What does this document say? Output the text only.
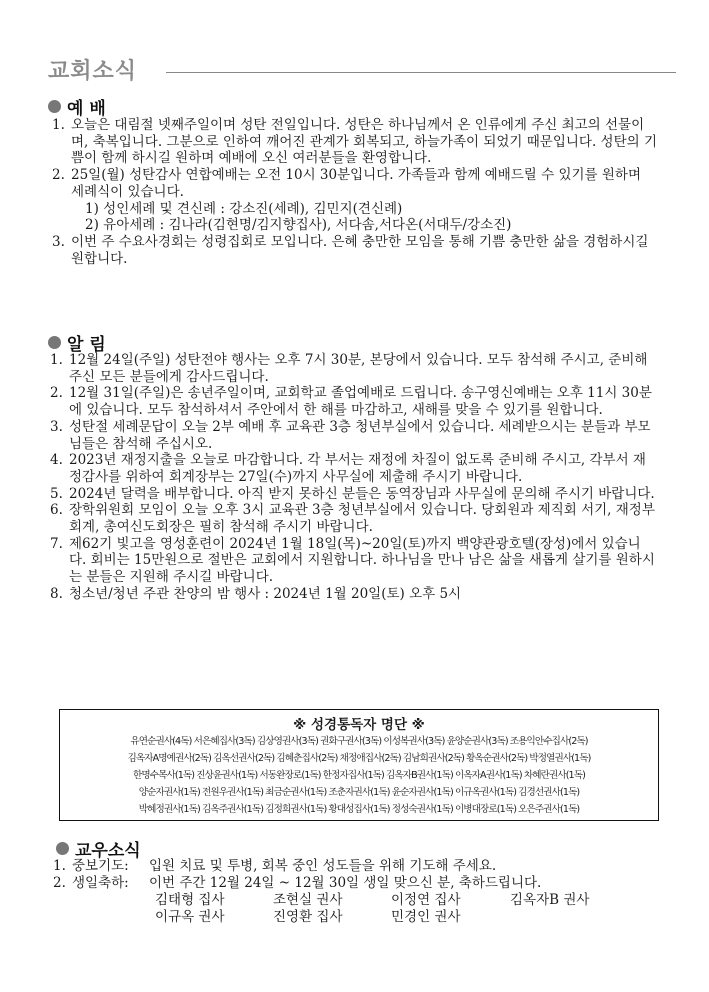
교회소식
예 배
1. 오늘은 대림절 넷째주일이며 성탄 전일입니다. 성탄은 하나님께서 온 인류에게 주신 최고의 선물이며, 축복입니다. 그분으로 인하여 깨어진 관계가 회복되고, 하늘가족이 되었기 때문입니다. 성탄의 기쁨이 함께 하시길 원하며 예배에 오신 여러분들을 환영합니다.
2. 25일(월) 성탄감사 연합예배는 오전 10시 30분입니다. 가족들과 함께 예배드릴 수 있기를 원하며 세례식이 있습니다.
1) 성인세례 및 견신례 : 강소진(세례), 김민지(견신례)
2) 유아세례 : 김나라(김현명/김지향집사), 서다솜,서다온(서대두/강소진)
3. 이번 주 수요사경회는 성령집회로 모입니다. 은혜 충만한 모임을 통해 기쁨 충만한 삶을 경험하시길 원합니다.
알 림
1. 12월 24일(주일) 성탄전야 행사는 오후 7시 30분, 본당에서 있습니다. 모두 참석해 주시고, 준비해 주신 모든 분들에게 감사드립니다.
2. 12월 31일(주일)은 송년주일이며, 교회학교 졸업예배로 드립니다. 송구영신예배는 오후 11시 30분에 있습니다. 모두 참석하셔서 주안에서 한 해를 마감하고, 새해를 맞을 수 있기를 원합니다.
3. 성탄절 세례문답이 오늘 2부 예배 후 교육관 3층 청년부실에서 있습니다. 세례받으시는 분들과 부모님들은 참석해 주십시오.
4. 2023년 재정지출을 오늘로 마감합니다. 각 부서는 재정에 차질이 없도록 준비해 주시고, 각부서 재정감사를 위하여 회계장부는 27일(수)까지 사무실에 제출해 주시기 바랍니다.
5. 2024년 달력을 배부합니다. 아직 받지 못하신 분들은 동역장님과 사무실에 문의해 주시기 바랍니다.
6. 장학위원회 모임이 오늘 오후 3시 교육관 3층 청년부실에서 있습니다. 당회원과 제직회 서기, 재정부 회계, 총여신도회장은 필히 참석해 주시기 바랍니다.
7. 제62기 빛고을 영성훈련이 2024년 1월 18일(목)~20일(토)까지 백양관광호텔(장성)에서 있습니다. 회비는 15만원으로 절반은 교회에서 지원합니다. 하나님을 만나 남은 삶을 새롭게 살기를 원하시는 분들은 지원해 주시길 바랍니다.
8. 청소년/청년 주관 찬양의 밤 행사 : 2024년 1월 20일(토) 오후 5시
※ 성경통독자 명단 ※
유연순권사(4독) 서은혜집사(3독) 김상영권사(3독) 권화구권사(3독) 이성복권사(3독) 윤양순권사(3독) 조용익안수집사(2독)
김옥자A명예권사(2독) 김옥선권사(2독) 김혜춘집사(2독) 채정애집사(2독) 김남희권사(2독) 황옥순권사(2독) 박정열권사(1독)
한명수목사(1독) 진상윤권사(1독) 서동완장로(1독) 한정자집사(1독) 김옥자B권사(1독) 이옥자A권사(1독) 차혜란권사(1독)
양순자권사(1독) 전원우권사(1독) 최금순권사(1독) 조춘자권사(1독) 윤순자권사(1독) 이규옥권사(1독) 김경선권사(1독)
박혜정권사(1독) 김옥주권사(1독) 김정희권사(1독) 황대성집사(1독) 정성숙권사(1독) 이병대장로(1독) 오은주권사(1독)
교우소식
1. 중보기도: 입원 치료 및 투병, 회복 중인 성도들을 위해 기도해 주세요.
2. 생일축하: 이번 주간 12월 24일 ~ 12월 30일 생일 맞으신 분, 축하드립니다.
김태형 집사	조현실 권사	이정연 집사	김옥자B 권사
이규옥 권사	진영환 집사	민경인 권사
